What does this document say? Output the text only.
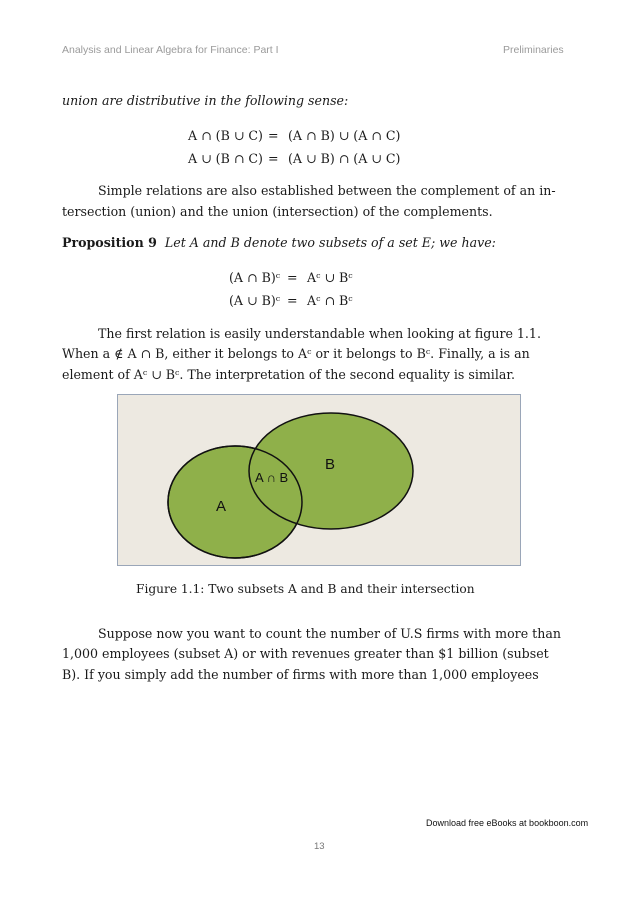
Analysis and Linear Algebra for Finance: Part I	Preliminaries
union are distributive in the following sense:
A ∩ (B ∪ C) = (A ∩ B) ∪ (A ∩ C)
A ∪ (B ∩ C) = (A ∪ B) ∩ (A ∪ C)
Simple relations are also established between the complement of an in-
tersection (union) and the union (intersection) of the complements.
Proposition 9 Let A and B denote two subsets of a set E; we have:
(A ∩ B)ᶜ = Aᶜ ∪ Bᶜ
(A ∪ B)ᶜ = Aᶜ ∩ Bᶜ
The first relation is easily understandable when looking at figure 1.1.
When a ∉ A ∩ B, either it belongs to Aᶜ or it belongs to Bᶜ. Finally, a is an
element of Aᶜ ∪ Bᶜ. The interpretation of the second equality is similar.
A
B
A ∩ B
Figure 1.1: Two subsets A and B and their intersection
Suppose now you want to count the number of U.S firms with more than
1,000 employees (subset A) or with revenues greater than $1 billion (subset
B). If you simply add the number of firms with more than 1,000 employees
Download free eBooks at bookboon.com
13
